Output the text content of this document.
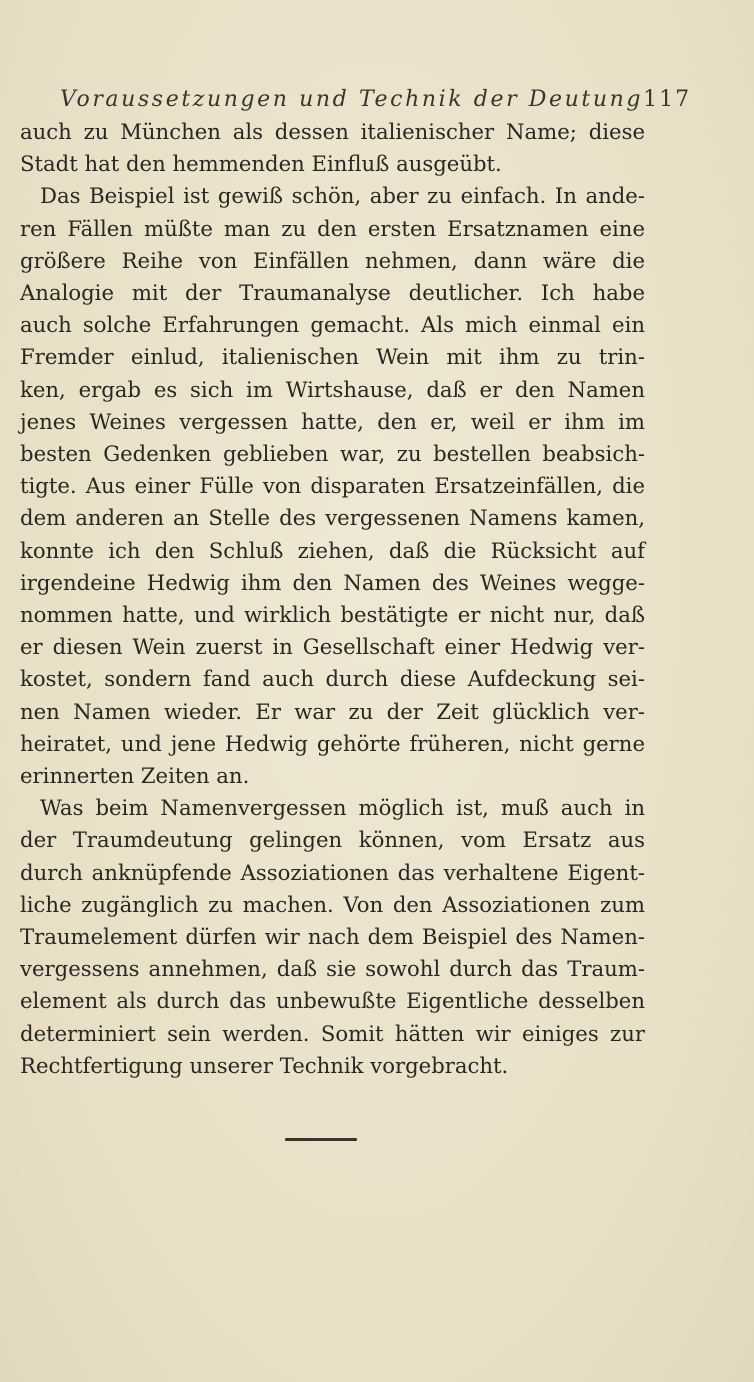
Voraussetzungen und Technik der Deutung 117
auch zu München als dessen italienischer Name; diese
Stadt hat den hemmenden Einfluß ausgeübt.
Das Beispiel ist gewiß schön, aber zu einfach. In ande-
ren Fällen müßte man zu den ersten Ersatznamen eine
größere Reihe von Einfällen nehmen, dann wäre die
Analogie mit der Traumanalyse deutlicher. Ich habe
auch solche Erfahrungen gemacht. Als mich einmal ein
Fremder einlud, italienischen Wein mit ihm zu trin-
ken, ergab es sich im Wirtshause, daß er den Namen
jenes Weines vergessen hatte, den er, weil er ihm im
besten Gedenken geblieben war, zu bestellen beabsich-
tigte. Aus einer Fülle von disparaten Ersatzeinfällen, die
dem anderen an Stelle des vergessenen Namens kamen,
konnte ich den Schluß ziehen, daß die Rücksicht auf
irgendeine Hedwig ihm den Namen des Weines wegge-
nommen hatte, und wirklich bestätigte er nicht nur, daß
er diesen Wein zuerst in Gesellschaft einer Hedwig ver-
kostet, sondern fand auch durch diese Aufdeckung sei-
nen Namen wieder. Er war zu der Zeit glücklich ver-
heiratet, und jene Hedwig gehörte früheren, nicht gerne
erinnerten Zeiten an.
Was beim Namenvergessen möglich ist, muß auch in
der Traumdeutung gelingen können, vom Ersatz aus
durch anknüpfende Assoziationen das verhaltene Eigent-
liche zugänglich zu machen. Von den Assoziationen zum
Traumelement dürfen wir nach dem Beispiel des Namen-
vergessens annehmen, daß sie sowohl durch das Traum-
element als durch das unbewußte Eigentliche desselben
determiniert sein werden. Somit hätten wir einiges zur
Rechtfertigung unserer Technik vorgebracht.
